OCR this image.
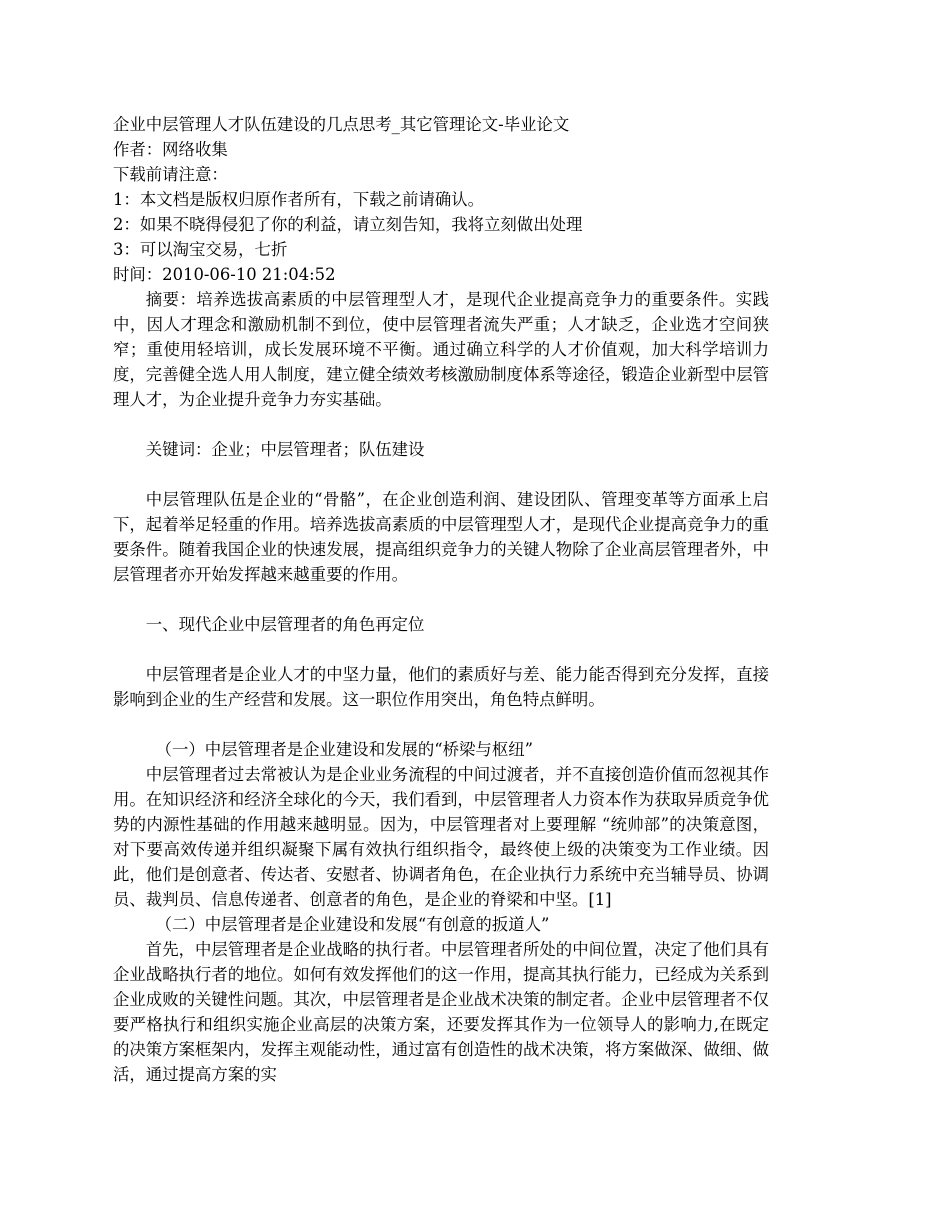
企业中层管理人才队伍建设的几点思考_其它管理论文-毕业论文
作者：网络收集
下载前请注意：
1：本文档是版权归原作者所有，下载之前请确认。
2：如果不晓得侵犯了你的利益，请立刻告知，我将立刻做出处理
3：可以淘宝交易，七折
时间：2010-06-10 21:04:52

摘要：培养选拔高素质的中层管理型人才，是现代企业提高竞争力的重要条件。实践中，因人才理念和激励机制不到位，使中层管理者流失严重；人才缺乏，企业选才空间狭窄；重使用轻培训，成长发展环境不平衡。通过确立科学的人才价值观，加大科学培训力度，完善健全选人用人制度，建立健全绩效考核激励制度体系等途径，锻造企业新型中层管理人才，为企业提升竞争力夯实基础。

关键词：企业；中层管理者；队伍建设

中层管理队伍是企业的“骨骼”，在企业创造利润、建设团队、管理变革等方面承上启下，起着举足轻重的作用。培养选拔高素质的中层管理型人才，是现代企业提高竞争力的重要条件。随着我国企业的快速发展，提高组织竞争力的关键人物除了企业高层管理者外，中层管理者亦开始发挥越来越重要的作用。

一、现代企业中层管理者的角色再定位

中层管理者是企业人才的中坚力量，他们的素质好与差、能力能否得到充分发挥，直接影响到企业的生产经营和发展。这一职位作用突出，角色特点鲜明。

（一）中层管理者是企业建设和发展的“桥梁与枢纽”

中层管理者过去常被认为是企业业务流程的中间过渡者，并不直接创造价值而忽视其作用。在知识经济和经济全球化的今天，我们看到，中层管理者人力资本作为获取异质竞争优势的内源性基础的作用越来越明显。因为，中层管理者对上要理解 “统帅部”的决策意图，对下要高效传递并组织凝聚下属有效执行组织指令，最终使上级的决策变为工作业绩。因此，他们是创意者、传达者、安慰者、协调者角色，在企业执行力系统中充当辅导员、协调员、裁判员、信息传递者、创意者的角色，是企业的脊梁和中坚。[1]

（二）中层管理者是企业建设和发展“有创意的扳道人”

首先，中层管理者是企业战略的执行者。中层管理者所处的中间位置，决定了他们具有企业战略执行者的地位。如何有效发挥他们的这一作用，提高其执行能力，已经成为关系到企业成败的关键性问题。其次，中层管理者是企业战术决策的制定者。企业中层管理者不仅要严格执行和组织实施企业高层的决策方案，还要发挥其作为一位领导人的影响力,在既定的决策方案框架内，发挥主观能动性，通过富有创造性的战术决策，将方案做深、做细、做活，通过提高方案的实
